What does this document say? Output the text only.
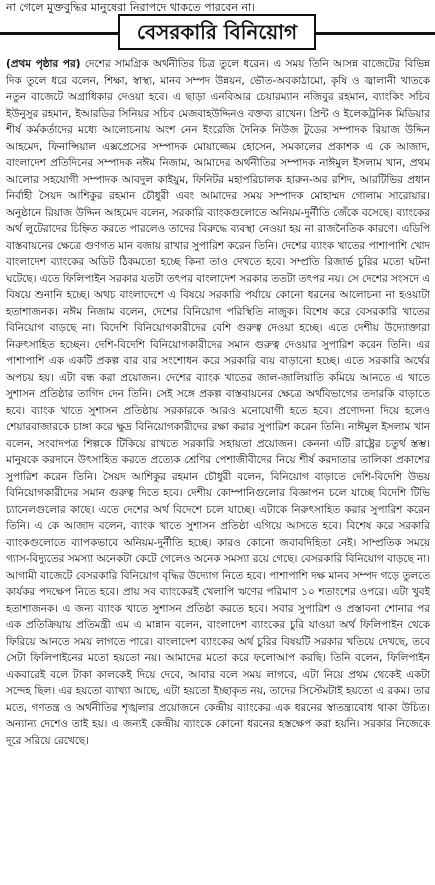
না গেলে মুক্তবুদ্ধির মানুষেরা নিরাপদে থাকতে পারবেন না।
বেসরকারি বিনিয়োগ
(প্রথম পৃষ্ঠার পর) দেশের সামগ্রিক অর্থনীতির চিত্র তুলে ধরেন। এ সময় তিনি আসন্ন বাজেটের বিভিন্ন দিক তুলে ধরে বলেন, শিক্ষা, স্বাস্থ্য, মানব সম্পদ উন্নয়ন, ভৌত-অবকাঠামো, কৃষি ও জ্বালানী খাতকে নতুন বাজেটে অগ্রাধিকার দেওয়া হবে। এ ছাড়া এনবিআর চেয়ারম্যান নজিবুর রহমান, ব্যাংকিং সচিব ইউনুসুর রহমান, ইআরডির সিনিয়র সচিব মেজবাহউদ্দিনও বক্তব্য রাখেন। প্রিন্ট ও ইলেকট্রনিক মিডিয়ার শীর্ষ কর্মকর্তাদের মধ্যে আলোচনায় অংশ নেন ইংরেজি দৈনিক নিউজ টুডের সম্পাদক রিয়াজ উদ্দিন আহমেদ, ফিনান্সিয়াল এক্সপ্রেসের সম্পাদক মোয়াজ্জেম হোসেন, সমকালের প্রকাশক এ কে আজাদ, বাংলাদেশ প্রতিদিনের সম্পাদক নঈম নিজাম, আমাদের অর্থনীতির সম্পাদক নাঈমুল ইসলাম খান, প্রথম আলোর সহযোগী সম্পাদক আবদুল কাইয়ুম, ফিনিটর মহাপরিচালক হারুন-অর রশিদ, আরটিভির প্রধান নির্বাহী সৈয়দ আশিকুর রহমান চৌধুরী এবং আমাদের সময় সম্পাদক মোহাম্মদ গোলাম সারোয়ার। অনুষ্ঠানে রিয়াজ উদ্দিন আহমেদ বলেন, সরকারি ব্যাংকগুলোতে অনিয়ম-দুর্নীতি জেঁকে বসেছে। ব্যাংকের অর্থ লুটেরাদের চিহ্নিত করতে পারলেও তাদের বিরুদ্ধে ব্যবস্থা নেওয়া হয় না রাজনৈতিক কারণে। এডিপি বাস্তবায়নের ক্ষেত্রে গুণগত মান বজায় রাখার সুপারিশ করেন তিনি। দেশের ব্যাংক খাতের পাশাপাশি খোদ বাংলাদেশ ব্যাংকের অডিট ঠিকমতো হচ্ছে কিনা তাও দেখতে হবে। সম্প্রতি রিজার্ভ চুরির মতো ঘটনা ঘটেছে। এতে ফিলিপাইন সরকার যতটা তৎপর বাংলাদেশ সরকার ততটা তৎপর নয়। সে দেশের সংসদে এ বিষয়ে শুনানি হচ্ছে। অথচ বাংলাদেশে এ বিষয়ে সরকারি পর্যায়ে কোনো ধরনের আলোচনা না হওয়াটা হতাশাজনক। নঈম নিজাম বলেন, দেশের বিনিয়োগ পরিস্থিতি নাজুক। বিশেষ করে বেসরকারি খাতের বিনিয়োগ বাড়ছে না। বিদেশি বিনিয়োগকারীদের বেশি গুরুত্ব দেওয়া হচ্ছে। এতে দেশীয় উদ্যোক্তারা নিরুৎসাহিত হচ্ছেন। দেশি-বিদেশি বিনিয়োগকারীদের সমান গুরুত্ব দেওয়ার সুপারিশ করেন তিনি। এর পাশাপাশি এক একটি প্রকল্প বার বার সংশোধন করে সরকারি ব্যয় বাড়ানো হচ্ছে। এতে সরকারি অর্থের অপচয় হয়। এটা বন্ধ করা প্রয়োজন। দেশের ব্যাংক খাতের জাল-জালিয়াতি কমিয়ে আনতে এ খাতে সুশাসন প্রতিষ্ঠার তাগিদ দেন তিনি। সেই সঙ্গে প্রকল্প বাস্তবায়নের ক্ষেত্রে অর্থবিভাগের তদারকি বাড়াতে হবে। ব্যাংক খাতে সুশাসন প্রতিষ্ঠায় সরকারকে আরও মনোযোগী হতে হবে। প্রণোদনা দিয়ে হলেও শেয়ারবাজারকে চাঙ্গা করে ক্ষুদ্র বিনিয়োগকারীদের রক্ষা করার সুপারিশ করেন তিনি। নাঈমুল ইসলাম খান বলেন, সংবাদপত্র শিল্পকে টিকিয়ে রাখতে সরকারি সহায়তা প্রয়োজন। কেননা এটি রাষ্ট্রের চতুর্থ স্তম্ভ। মানুষকে করদানে উৎসাহিত করতে প্রত্যেক শ্রেণির পেশাজীবীদের নিয়ে শীর্ষ করদাতার তালিকা প্রকাশের সুপারিশ করেন তিনি। সৈয়দ আশিকুর রহমান চৌধুরী বলেন, বিনিয়োগ বাড়াতে দেশি-বিদেশি উভয় বিনিয়োগকারীদের সমান গুরুত্ব দিতে হবে। দেশীয় কোম্পানিগুলোর বিজ্ঞাপন চলে যাচ্ছে বিদেশি টিভি চ্যানেলগুলোর কাছে। এতে দেশের অর্থ বিদেশে চলে যাচ্ছে। এটাকে নিরুৎসাহিত করার সুপারিশ করেন তিনি। এ কে আজাদ বলেন, ব্যাংক খাতে সুশাসন প্রতিষ্ঠা এগিয়ে আসতে হবে। বিশেষ করে সরকারি ব্যাংকগুলোতে ব্যাপকভাবে অনিয়ম-দুর্নীতি হচ্ছে। কারও কোনো জবাবদিহিতা নেই। সাম্প্রতিক সময়ে গ্যাস-বিদ্যুতের সমস্যা অনেকটা কেটে গেলেও অনেক সমস্যা রয়ে গেছে। বেসরকারি বিনিয়োগ বাড়ছে না। আগামী বাজেটে বেসরকারি বিনিয়োগ বৃদ্ধির উদ্যোগ নিতে হবে। পাশাপাশি দক্ষ মানব সম্পদ গড়ে তুলতে কার্যকর পদক্ষেপ নিতে হবে। প্রায় সব ব্যাংকেরই খেলাপি ঋণের পরিমাণ ১০ শতাংশের ওপরে। এটা খুবই হতাশাজনক। এ জন্য ব্যাংক খাতে সুশাসন প্রতিষ্ঠা করতে হবে। সবার সুপারিশ ও প্রস্তাবনা শোনার পর এক প্রতিক্রিয়ায় প্রতিমন্ত্রী এম এ মান্নান বলেন, বাংলাদেশ ব্যাংকের চুরি যাওয়া অর্থ ফিলিপাইন থেকে ফিরিয়ে আনতে সময় লাগতে পারে। বাংলাদেশ ব্যাংকের অর্থ চুরির বিষয়টি সরকার খতিয়ে দেখছে, তবে সেটা ফিলিপাইনের মতো হয়তো নয়। আমাদের মতো করে ফলোআপ করছি। তিনি বলেন, ফিলিপাইন একবারেই বলে টাকা কালকেই দিয়ে দেবে, আবার বলে সময় লাগবে, এটা নিয়ে প্রথম থেকেই একটা সন্দেহ ছিল। এর হয়তো ব্যাখ্যা আছে, এটা হয়তো ইচ্ছাকৃত নয়, তাদের সিস্টেমটাই হয়তো এ রকম। তার মতে, গণতন্ত্র ও অর্থনীতির শৃঙ্খলার প্রয়োজনে কেন্দ্রীয় ব্যাংকের এক ধরনের স্বাতন্ত্র্যবোধ থাকা উচিত। অন্যান্য দেশেও তাই হয়। এ জন্যই কেন্দ্রীয় ব্যাংকে কোনো ধরনের হস্তক্ষেপ করা হয়নি। সরকার নিজেকে দূরে সরিয়ে রেখেছে।
